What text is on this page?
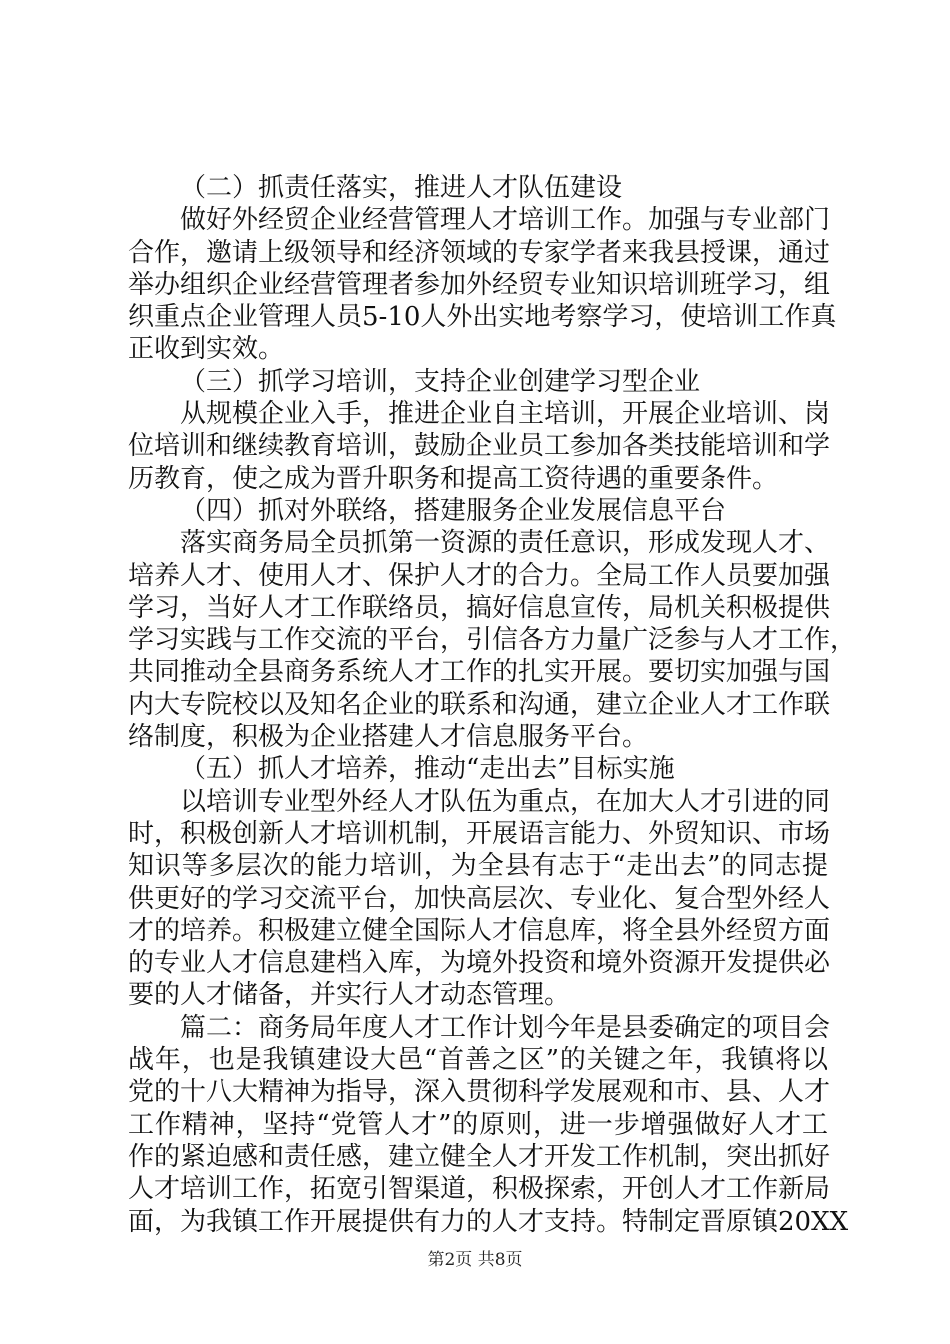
（二）抓责任落实，推进人才队伍建设
做好外经贸企业经营管理人才培训工作。加强与专业部门
合作，邀请上级领导和经济领域的专家学者来我县授课，通过
举办组织企业经营管理者参加外经贸专业知识培训班学习，组
织重点企业管理人员5-10人外出实地考察学习，使培训工作真
正收到实效。
（三）抓学习培训，支持企业创建学习型企业
从规模企业入手，推进企业自主培训，开展企业培训、岗
位培训和继续教育培训，鼓励企业员工参加各类技能培训和学
历教育，使之成为晋升职务和提高工资待遇的重要条件。
（四）抓对外联络，搭建服务企业发展信息平台
落实商务局全员抓第一资源的责任意识，形成发现人才、
培养人才、使用人才、保护人才的合力。全局工作人员要加强
学习，当好人才工作联络员，搞好信息宣传，局机关积极提供
学习实践与工作交流的平台，引信各方力量广泛参与人才工作，
共同推动全县商务系统人才工作的扎实开展。要切实加强与国
内大专院校以及知名企业的联系和沟通，建立企业人才工作联
络制度，积极为企业搭建人才信息服务平台。
（五）抓人才培养，推动“走出去”目标实施
以培训专业型外经人才队伍为重点，在加大人才引进的同
时，积极创新人才培训机制，开展语言能力、外贸知识、市场
知识等多层次的能力培训，为全县有志于“走出去”的同志提
供更好的学习交流平台，加快高层次、专业化、复合型外经人
才的培养。积极建立健全国际人才信息库，将全县外经贸方面
的专业人才信息建档入库，为境外投资和境外资源开发提供必
要的人才储备，并实行人才动态管理。
篇二：商务局年度人才工作计划今年是县委确定的项目会
战年，也是我镇建设大邑“首善之区”的关键之年，我镇将以
党的十八大精神为指导，深入贯彻科学发展观和市、县、人才
工作精神，坚持“党管人才”的原则，进一步增强做好人才工
作的紧迫感和责任感，建立健全人才开发工作机制，突出抓好
人才培训工作，拓宽引智渠道，积极探索，开创人才工作新局
面，为我镇工作开展提供有力的人才支持。特制定晋原镇20XX
第2页 共8页
